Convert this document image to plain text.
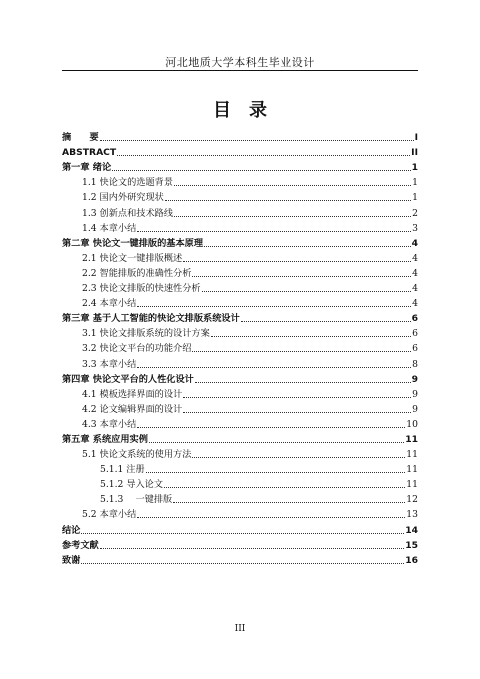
河北地质大学本科生毕业设计
目　录
摘　　要	I
ABSTRACT	II
第一章 绪论	1
1.1 快论文的选题背景	1
1.2 国内外研究现状	1
1.3 创新点和技术路线	2
1.4 本章小结	3
第二章 快论文一键排版的基本原理	4
2.1 快论文一键排版概述	4
2.2 智能排版的准确性分析	4
2.3 快论文排版的快速性分析	4
2.4 本章小结	4
第三章 基于人工智能的快论文排版系统设计	6
3.1 快论文排版系统的设计方案	6
3.2 快论文平台的功能介绍	6
3.3 本章小结	8
第四章 快论文平台的人性化设计	9
4.1 模板选择界面的设计	9
4.2 论文编辑界面的设计	9
4.3 本章小结	10
第五章 系统应用实例	11
5.1 快论文系统的使用方法	11
5.1.1 注册	11
5.1.2 导入论文	11
5.1.3 　一键排版	12
5.2 本章小结	13
结论	14
参考文献	15
致谢	16
III
